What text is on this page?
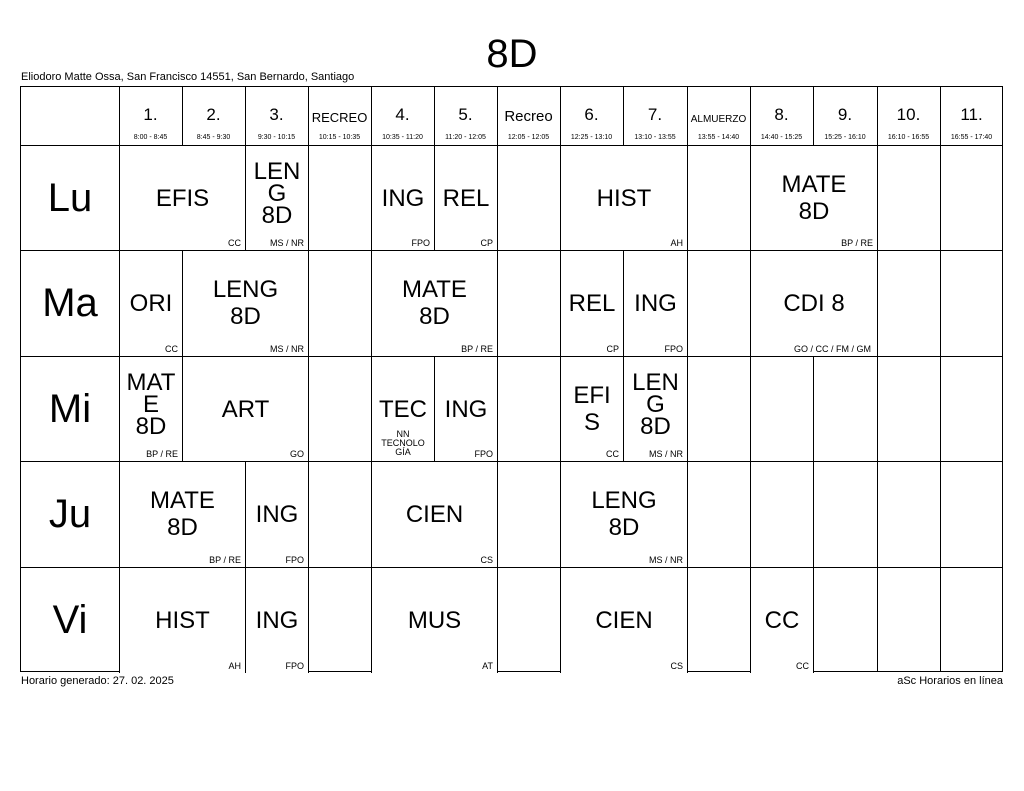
8D
Eliodoro Matte Ossa, San Francisco 14551, San Bernardo, Santiago
1.
8:00 - 8:45
2.
8:45 - 9:30
3.
9:30 - 10:15
RECREO
10:15 - 10:35
4.
10:35 - 11:20
5.
11:20 - 12:05
Recreo
12:05 - 12:05
6.
12:25 - 13:10
7.
13:10 - 13:55
ALMUERZO
13:55 - 14:40
8.
14:40 - 15:25
9.
15:25 - 16:10
10.
16:10 - 16:55
11.
16:55 - 17:40
Lu
Ma
Mi
Ju
Vi
EFIS
CC
LEN
G
8D
MS / NR
ING
FPO
REL
CP
HIST
AH
MATE
8D
BP / RE
ORI
CC
LENG
8D
MS / NR
MATE
8D
BP / RE
REL
CP
ING
FPO
CDI 8
GO / CC / FM / GM
MAT
E
8D
BP / RE
ART
GO
TEC
NN
TECNOLO
GÍA
ING
FPO
EFI
S
CC
LEN
G
8D
MS / NR
MATE
8D
BP / RE
ING
FPO
CIEN
CS
LENG
8D
MS / NR
HIST
AH
ING
FPO
MUS
AT
CIEN
CS
CC
CC
Horario generado: 27. 02. 2025	aSc Horarios en línea
